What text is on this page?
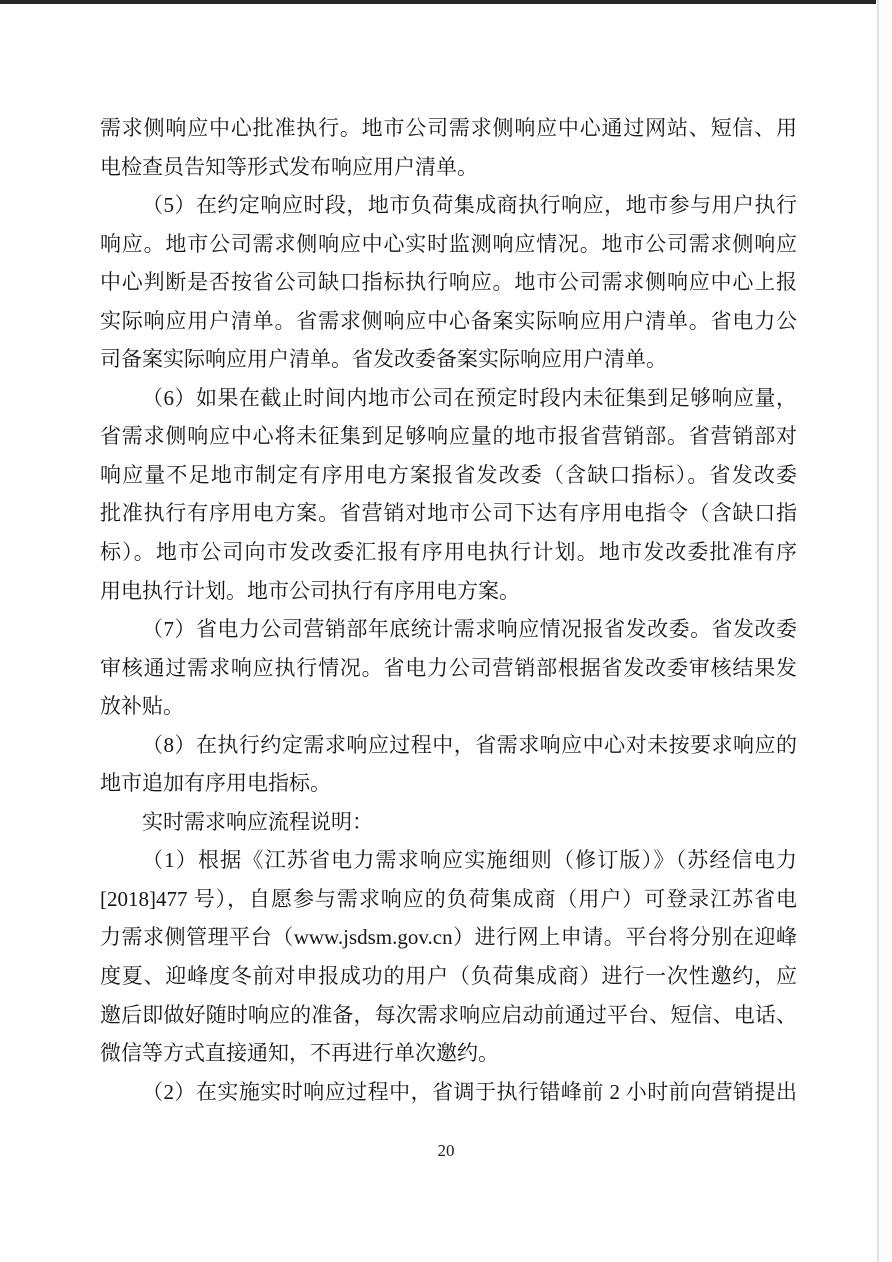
需求侧响应中心批准执行。地市公司需求侧响应中心通过网站、短信、用
电检查员告知等形式发布响应用户清单。
（5）在约定响应时段，地市负荷集成商执行响应，地市参与用户执行
响应。地市公司需求侧响应中心实时监测响应情况。地市公司需求侧响应
中心判断是否按省公司缺口指标执行响应。地市公司需求侧响应中心上报
实际响应用户清单。省需求侧响应中心备案实际响应用户清单。省电力公
司备案实际响应用户清单。省发改委备案实际响应用户清单。
（6）如果在截止时间内地市公司在预定时段内未征集到足够响应量，
省需求侧响应中心将未征集到足够响应量的地市报省营销部。省营销部对
响应量不足地市制定有序用电方案报省发改委（含缺口指标）。省发改委
批准执行有序用电方案。省营销对地市公司下达有序用电指令（含缺口指
标）。地市公司向市发改委汇报有序用电执行计划。地市发改委批准有序
用电执行计划。地市公司执行有序用电方案。
（7）省电力公司营销部年底统计需求响应情况报省发改委。省发改委
审核通过需求响应执行情况。省电力公司营销部根据省发改委审核结果发
放补贴。
（8）在执行约定需求响应过程中，省需求响应中心对未按要求响应的
地市追加有序用电指标。
实时需求响应流程说明：
（1）根据《江苏省电力需求响应实施细则（修订版）》（苏经信电力
[2018]477 号），自愿参与需求响应的负荷集成商（用户）可登录江苏省电
力需求侧管理平台（www.jsdsm.gov.cn）进行网上申请。平台将分别在迎峰
度夏、迎峰度冬前对申报成功的用户（负荷集成商）进行一次性邀约，应
邀后即做好随时响应的准备，每次需求响应启动前通过平台、短信、电话、
微信等方式直接通知，不再进行单次邀约。
（2）在实施实时响应过程中，省调于执行错峰前 2 小时前向营销提出
20
